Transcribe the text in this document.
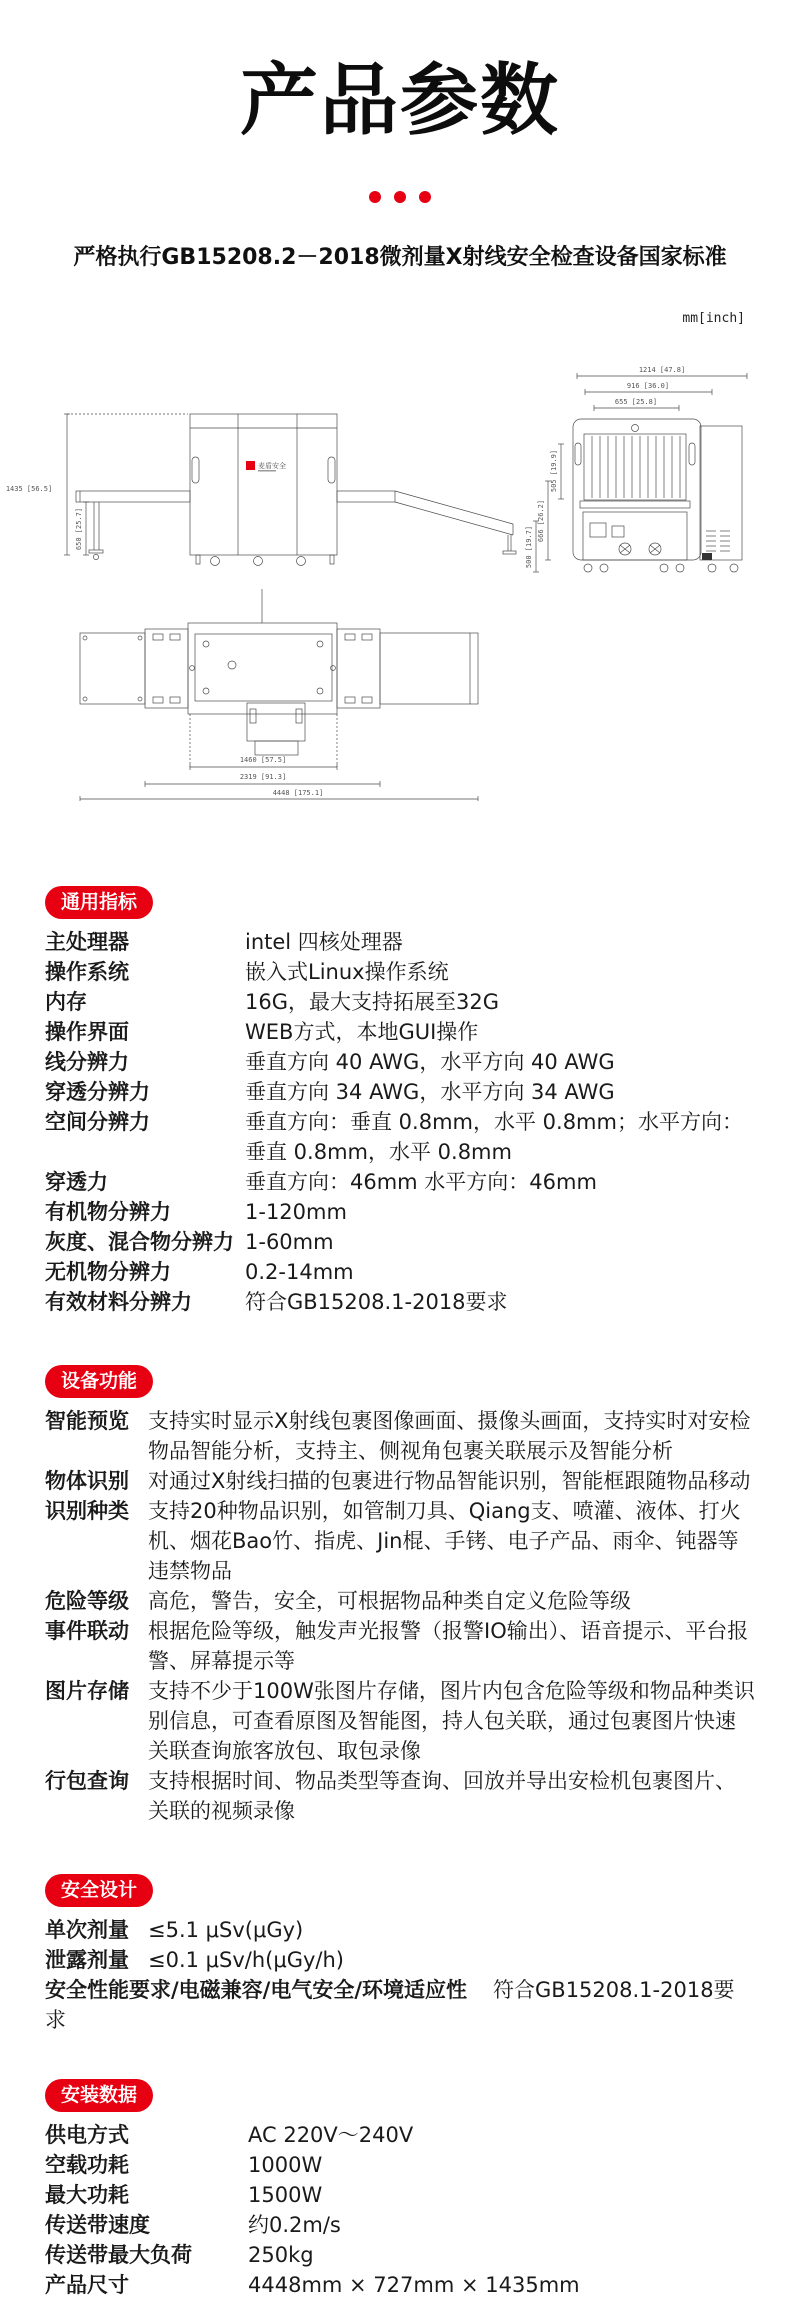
产品参数
严格执行GB15208.2－2018微剂量X射线安全检查设备国家标准
mm[inch]
1435 [56.5]
650 [25.7]
麦盾安全
1214 [47.8]
916 [36.0]
655 [25.8]
505 [19.9]
666 [26.2]
500 [19.7]
1460 [57.5]
2319 [91.3]
4448 [175.1]
通用指标
主处理器	intel 四核处理器
操作系统	嵌入式Linux操作系统
内存	16G，最大支持拓展至32G
操作界面	WEB方式，本地GUI操作
线分辨力	垂直方向 40 AWG，水平方向 40 AWG
穿透分辨力	垂直方向 34 AWG，水平方向 34 AWG
空间分辨力	垂直方向：垂直 0.8mm，水平 0.8mm；水平方向：垂直 0.8mm，水平 0.8mm
穿透力	垂直方向：46mm 水平方向：46mm
有机物分辨力	1-120mm
灰度、混合物分辨力 1-60mm
无机物分辨力	0.2-14mm
有效材料分辨力	符合GB15208.1-2018要求
设备功能
智能预览 支持实时显示X射线包裹图像画面、摄像头画面，支持实时对安检物品智能分析，支持主、侧视角包裹关联展示及智能分析
物体识别 对通过X射线扫描的包裹进行物品智能识别，智能框跟随物品移动
识别种类 支持20种物品识别，如管制刀具、Qiang支、喷灌、液体、打火机、烟花Bao竹、指虎、Jin棍、手铐、电子产品、雨伞、钝器等违禁物品
危险等级 高危，警告，安全，可根据物品种类自定义危险等级
事件联动 根据危险等级，触发声光报警（报警IO输出）、语音提示、平台报警、屏幕提示等
图片存储 支持不少于100W张图片存储，图片内包含危险等级和物品种类识别信息，可查看原图及智能图，持人包关联，通过包裹图片快速关联查询旅客放包、取包录像
行包查询 支持根据时间、物品类型等查询、回放并导出安检机包裹图片、关联的视频录像
安全设计
单次剂量 ≤5.1 μSv(μGy)
泄露剂量 ≤0.1 μSv/h(μGy/h)
安全性能要求/电磁兼容/电气安全/环境适应性 符合GB15208.1-2018要求
安装数据
供电方式	AC 220V～240V
空载功耗	1000W
最大功耗	1500W
传送带速度	约0.2m/s
传送带最大负荷	250kg
产品尺寸	4448mm × 727mm × 1435mm
